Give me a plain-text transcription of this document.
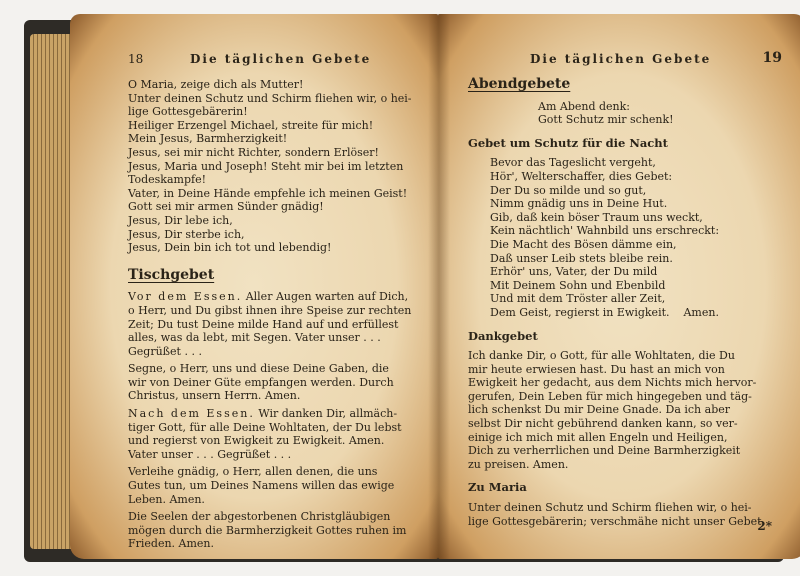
18	Die täglichen Gebete

O Maria, zeige dich als Mutter!

Unter deinen Schutz und Schirm fliehen wir, o hei-

lige Gottesgebärerin!

Heiliger Erzengel Michael, streite für mich!

Mein Jesus, Barmherzigkeit!

Jesus, sei mir nicht Richter, sondern Erlöser!

Jesus, Maria und Joseph! Steht mir bei im letzten

Todeskampfe!

Vater, in Deine Hände empfehle ich meinen Geist!

Gott sei mir armen Sünder gnädig!

Jesus, Dir lebe ich,

Jesus, Dir sterbe ich,

Jesus, Dein bin ich tot und lebendig!

Tischgebet

Vor dem Essen. Aller Augen warten auf Dich,

o Herr, und Du gibst ihnen ihre Speise zur rechten

Zeit; Du tust Deine milde Hand auf und erfüllest

alles, was da lebt, mit Segen. Vater unser . . .

Gegrüßet . . .

Segne, o Herr, uns und diese Deine Gaben, die

wir von Deiner Güte empfangen werden. Durch

Christus, unsern Herrn. Amen.

Nach dem Essen. Wir danken Dir, allmäch-

tiger Gott, für alle Deine Wohltaten, der Du lebst

und regierst von Ewigkeit zu Ewigkeit. Amen.

Vater unser . . . Gegrüßet . . .

Verleihe gnädig, o Herr, allen denen, die uns

Gutes tun, um Deines Namens willen das ewige

Leben. Amen.

Die Seelen der abgestorbenen Christgläubigen

mögen durch die Barmherzigkeit Gottes ruhen im

Frieden. Amen.

Die täglichen Gebete	19
Abendgebete

Am Abend denk:

Gott Schutz mir schenk!

Gebet um Schutz für die Nacht

Bevor das Tageslicht vergeht,

Hör', Welterschaffer, dies Gebet:

Der Du so milde und so gut,

Nimm gnädig uns in Deine Hut.

Gib, daß kein böser Traum uns weckt,

Kein nächtlich' Wahnbild uns erschreckt:

Die Macht des Bösen dämme ein,

Daß unser Leib stets bleibe rein.

Erhör' uns, Vater, der Du mild

Mit Deinem Sohn und Ebenbild

Und mit dem Tröster aller Zeit,

Dem Geist, regierst in Ewigkeit.    Amen.

Dankgebet

Ich danke Dir, o Gott, für alle Wohltaten, die Du

mir heute erwiesen hast. Du hast an mich von

Ewigkeit her gedacht, aus dem Nichts mich hervor-

gerufen, Dein Leben für mich hingegeben und täg-

lich schenkst Du mir Deine Gnade. Da ich aber

selbst Dir nicht gebührend danken kann, so ver-

einige ich mich mit allen Engeln und Heiligen,

Dich zu verherrlichen und Deine Barmherzigkeit

zu preisen. Amen.

Zu Maria

Unter deinen Schutz und Schirm fliehen wir, o hei-

lige Gottesgebärerin; verschmähe nicht unser Gebet

2*
